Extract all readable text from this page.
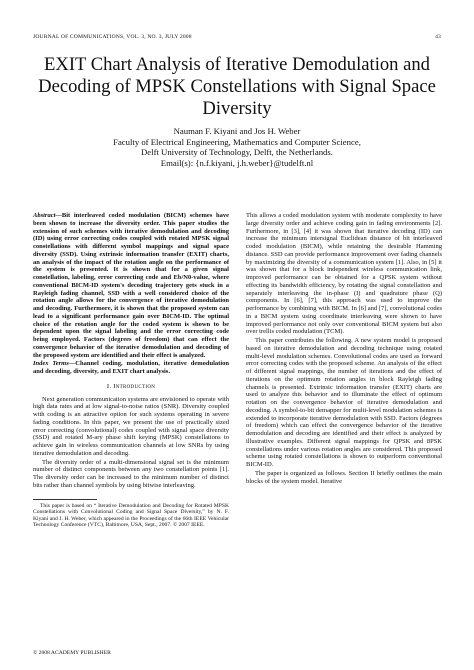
JOURNAL OF COMMUNICATIONS, VOL. 3, NO. 3, JULY 2008	43
EXIT Chart Analysis of Iterative Demodulation and Decoding of MPSK Constellations with Signal Space Diversity
Nauman F. Kiyani and Jos H. Weber
Faculty of Electrical Engineering, Mathematics and Computer Science,
Delft University of Technology, Delft, the Netherlands.
Email(s): {n.f.kiyani, j.h.weber}@tudelft.nl

Abstract—Bit interleaved coded modulation (BICM) schemes have been shown to increase the diversity order. This paper studies the extension of such schemes with iterative demodulation and decoding (ID) using error correcting codes coupled with rotated MPSK signal constellations with different symbol mappings and signal space diversity (SSD). Using extrinsic information transfer (EXIT) charts, an analysis of the impact of the rotation angle on the performance of the system is presented. It is shown that for a given signal constellation, labeling, error correcting code and Eb/N0-value, where conventional BICM-ID system's decoding trajectory gets stuck in a Rayleigh fading channel, SSD with a well considered choice of the rotation angle allows for the convergence of iterative demodulation and decoding. Furthermore, it is shown that the proposed system can lead to a significant performance gain over BICM-ID. The optimal choice of the rotation angle for the coded system is shown to be dependent upon the signal labeling and the error correcting code being employed. Factors (degrees of freedom) that can effect the convergence behavior of the iterative demodulation and decoding of the proposed system are identified and their effect is analyzed.

Index Terms—Channel coding, modulation, iterative demodulation and decoding, diversity, and EXIT chart analysis.

I. Introduction

Next generation communication systems are envisioned to operate with high data rates and at low signal-to-noise ratios (SNR). Diversity coupled with coding is an attractive option for such systems operating in severe fading conditions. In this paper, we present the use of practically sized error correcting (convolutional) codes coupled with signal space diversity (SSD) and rotated M-ary phase shift keying (MPSK) constellations to achieve gain in wireless communication channels at low SNRs by using iterative demodulation and decoding.

The diversity order of a multi-dimensional signal set is the minimum number of distinct components between any two constellation points [1]. The diversity order can be increased to the minimum number of distinct bits rather than channel symbols by using bitwise interleaving.

This paper is based on “ Iterative Demodulation and Decoding for Rotated MPSK Constellations with Convolutional Coding and Signal Space Diversity,” by N. F. Kiyani and J. H. Weber, which appeared in the Proceedings of the 66th IEEE Vehicular Technology Conference (VTC), Baltimore, USA, Sept., 2007. © 2007 IEEE.

This allows a coded modulation system with moderate complexity to have large diversity order and achieve coding gain in fading environments [2]. Furthermore, in [3], [4] it was shown that iterative decoding (ID) can increase the minimum intersignal Euclidean distance of bit interleaved coded modulation (BICM), while retaining the desirable Hamming distance. SSD can provide performance improvement over fading channels by maximizing the diversity of a communication system [1]. Also, in [5] it was shown that for a block independent wireless communication link, improved performance can be obtained for a QPSK system without effecting its bandwidth efficiency, by rotating the signal constellation and separately interleaving the in-phase (I) and quadrature phase (Q) components. In [6], [7], this approach was used to improve the performance by combining with BICM. In [6] and [7], convolutional codes in a BICM system using coordinate interleaving were shown to have improved performance not only over conventional BICM system but also over trellis coded modulation (TCM).

This paper contributes the following. A new system model is proposed based on iterative demodulation and decoding technique using rotated multi-level modulation schemes. Convolutional codes are used as forward error correcting codes with the proposed scheme. An analysis of the effect of different signal mappings, the number of iterations and the effect of iterations on the optimum rotation angles in block Rayleigh fading channels is presented. Extrinsic information transfer (EXIT) charts are used to analyze this behavior and to illuminate the effect of optimum rotation on the convergence behavior of iterative demodulation and decoding. A symbol-to-bit demapper for multi-level modulation schemes is extended to incorporate iterative demodulation with SSD. Factors (degrees of freedom) which can effect the convergence behavior of the iterative demodulation and decoding are identified and their effect is analyzed by illustrative examples. Different signal mappings for QPSK and 8PSK constellations under various rotation angles are considered. This proposed scheme using rotated constellations is shown to outperform conventional BICM-ID.

The paper is organized as follows. Section II briefly outlines the main blocks of the system model. Iterative

© 2008 ACADEMY PUBLISHER
